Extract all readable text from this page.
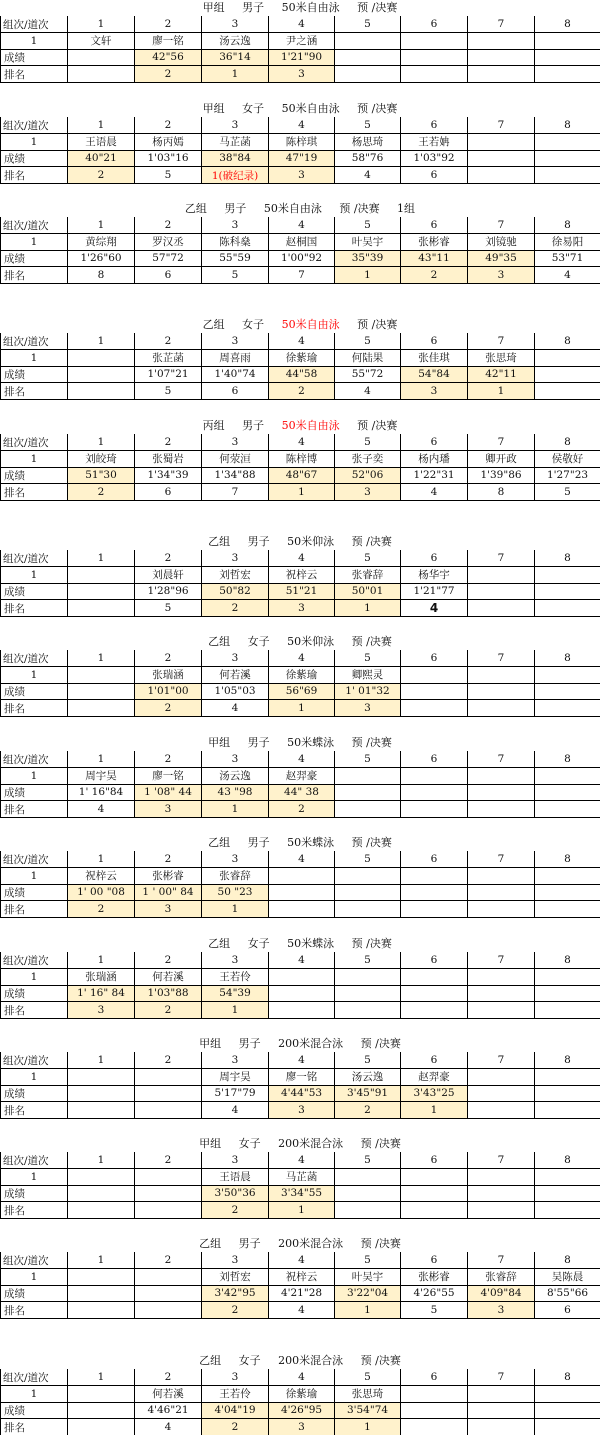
甲组     男子     50米自由泳     预 /决赛
组次/道次	1	2	3	4	5	6	7	8
1	文轩	廖一铭	汤云逸	尹之涵				
成绩		42"56	36"14	1'21"90				
排名		2	1	3				
甲组     女子     50米自由泳     预 /决赛
组次/道次	1	2	3	4	5	6	7	8
1	王语晨	杨丙嫣	马芷菡	陈梓琪	杨思琦	王若姌		
成绩	40"21	1'03"16	38"84	47"19	58"76	1'03"92		
排名	2	5	1(破纪录)	3	4	6		
乙组     男子     50米自由泳     预 /决赛     1组
组次/道次	1	2	3	4	5	6	7	8
1	黄综翔	罗汉丞	陈科燊	赵桐国	叶吴宇	张彬睿	刘镜驰	徐易阳
成绩	1'26"60	57"72	55"59	1'00"92	35"39	43"11	49"35	53"71
排名	8	6	5	7	1	2	3	4
乙组     女子     50米自由泳     预 /决赛
组次/道次	1	2	3	4	5	6	7	8
1		张芷菡	周喜雨	徐紫瑜	何陆果	张佳琪	张思琦	
成绩		1'07"21	1'40"74	44"58	55"72	54"84	42"11	
排名		5	6	2	4	3	1	
丙组     男子     50米自由泳     预 /决赛
组次/道次	1	2	3	4	5	6	7	8
1	刘皎琦	张蜀岩	何荥洹	陈梓博	张子奕	杨内璠	卿开政	侯敬好
成绩	51"30	1'34"39	1'34"88	48"67	52"06	1'22"31	1'39"86	1'27"23
排名	2	6	7	1	3	4	8	5
乙组     男子     50米仰泳     预 /决赛
组次/道次	1	2	3	4	5	6	7	8
1		刘晨轩	刘哲宏	祝梓云	张睿辞	杨华宇		
成绩		1'28"96	50"82	51"21	50"01	1'21"77		
排名		5	2	3	1	4		
乙组     女子     50米仰泳     预 /决赛
组次/道次	1	2	3	4	5	6	7	8
1		张瑞涵	何若溪	徐紫瑜	卿熙灵			
成绩		1'01"00	1'05"03	56"69	1' 01"32			
排名		2	4	1	3			
甲组     男子     50米蝶泳     预 /决赛
组次/道次	1	2	3	4	5	6	7	8
1	周宇昊	廖一铭	汤云逸	赵羿豪				
成绩	1' 16"84	1 '08" 44	43 "98	44" 38				
排名	4	3	1	2				
乙组     男子     50米蝶泳     预 /决赛
组次/道次	1	2	3	4	5	6	7	8
1	祝梓云	张彬睿	张睿辞					
成绩	1' 00 "08	1 ' 00" 84	50 "23					
排名	2	3	1					
乙组     女子     50米蝶泳     预 /决赛
组次/道次	1	2	3	4	5	6	7	8
1	张瑞涵	何若溪	王若伶					
成绩	1' 16" 84	1'03"88	54"39					
排名	3	2	1					
甲组     男子     200米混合泳     预 /决赛
组次/道次	1	2	3	4	5	6	7	8
1			周宇昊	廖一铭	汤云逸	赵羿豪		
成绩			5'17"79	4'44"53	3'45"91	3'43"25		
排名			4	3	2	1		
甲组     女子     200米混合泳     预 /决赛
组次/道次	1	2	3	4	5	6	7	8
1			王语晨	马芷菡				
成绩			3'50"36	3'34"55				
排名			2	1				
乙组     男子     200米混合泳     预 /决赛
组次/道次	1	2	3	4	5	6	7	8
1			刘哲宏	祝梓云	叶吴宇	张彬睿	张睿辞	吴陈晨
成绩			3'42"95	4'21"28	3'22"04	4'26"55	4'09"84	8'55"66
排名			2	4	1	5	3	6
乙组     女子     200米混合泳     预 /决赛
组次/道次	1	2	3	4	5	6	7	8
1		何若溪	王若伶	徐紫瑜	张思琦			
成绩		4'46"21	4'04"19	4'26"95	3'54"74			
排名		4	2	3	1			
